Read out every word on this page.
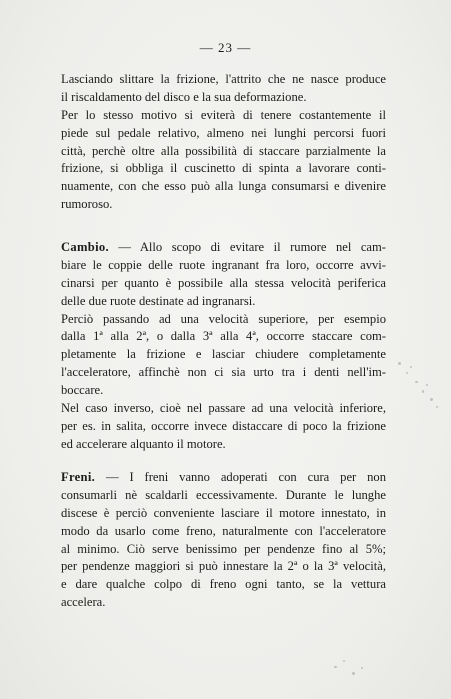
— 23 —
Lasciando slittare la frizione, l'attrito che ne nasce produce
il riscaldamento del disco e la sua deformazione.
Per lo stesso motivo si eviterà di tenere costantemente il
piede sul pedale relativo, almeno nei lunghi percorsi fuori
città, perchè oltre alla possibilità di staccare parzialmente la
frizione, si obbliga il cuscinetto di spinta a lavorare conti-
nuamente, con che esso può alla lunga consumarsi e divenire
rumoroso.
Cambio. — Allo scopo di evitare il rumore nel cam-
biare le coppie delle ruote ingranant fra loro, occorre avvi-
cinarsi per quanto è possibile alla stessa velocità periferica
delle due ruote destinate ad ingranarsi.
Perciò passando ad una velocità superiore, per esempio
dalla 1ª alla 2ª, o dalla 3ª alla 4ª, occorre staccare com-
pletamente la frizione e lasciar chiudere completamente
l'acceleratore, affinchè non ci sia urto tra i denti nell'im-
boccare.
Nel caso inverso, cioè nel passare ad una velocità inferiore,
per es. in salita, occorre invece distaccare di poco la frizione
ed accelerare alquanto il motore.
Freni. — I freni vanno adoperati con cura per non
consumarli nè scaldarli eccessivamente. Durante le lunghe
discese è perciò conveniente lasciare il motore innestato, in
modo da usarlo come freno, naturalmente con l'acceleratore
al minimo. Ciò serve benissimo per pendenze fino al 5%;
per pendenze maggiori si può innestare la 2ª o la 3ª velocità,
e dare qualche colpo di freno ogni tanto, se la vettura
accelera.
